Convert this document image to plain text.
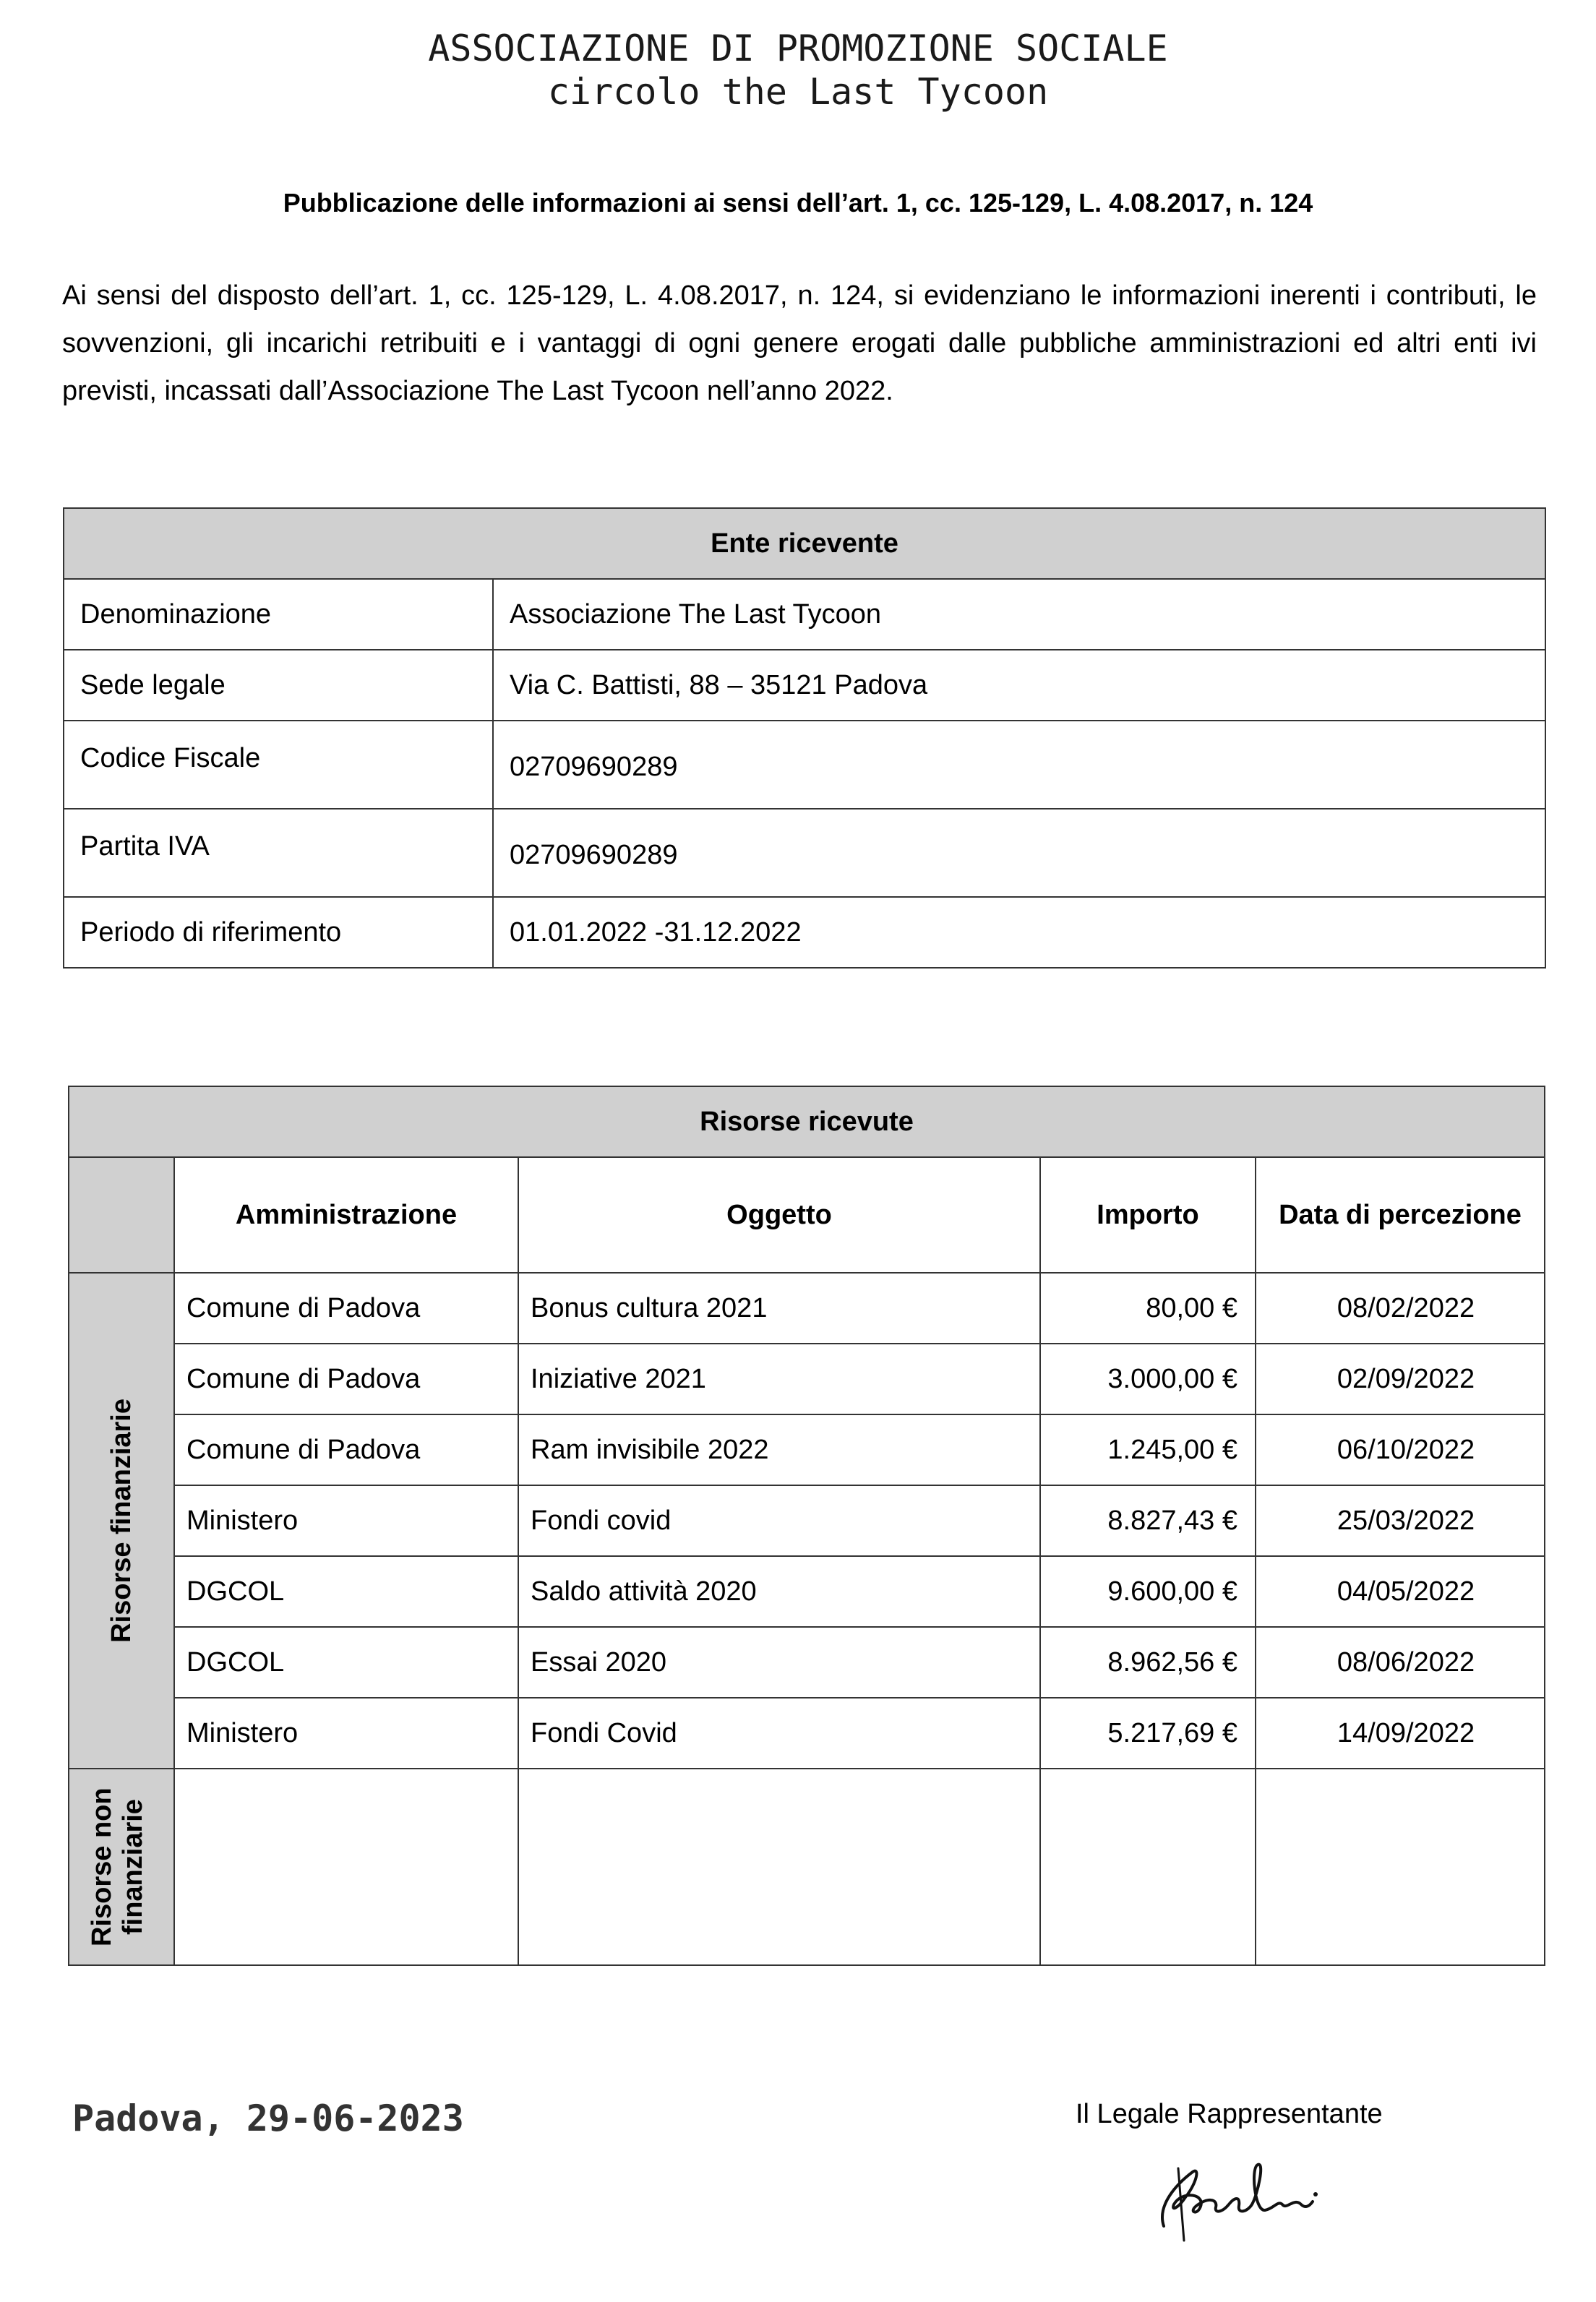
ASSOCIAZIONE DI PROMOZIONE SOCIALE
circolo the Last Tycoon
Pubblicazione delle informazioni ai sensi dell’art. 1, cc. 125-129, L. 4.08.2017, n. 124
Ai sensi del disposto dell’art. 1, cc. 125-129, L. 4.08.2017, n. 124, si evidenziano le informazioni inerenti i contributi, le sovvenzioni, gli incarichi retribuiti e i vantaggi di ogni genere erogati dalle pubbliche amministrazioni ed altri enti ivi previsti, incassati dall’Associazione The Last Tycoon nell’anno 2022.
Ente ricevente	
Denominazione	Associazione The Last Tycoon
Sede legale	Via C. Battisti, 88 – 35121 Padova
Codice Fiscale	02709690289
Partita IVA	02709690289
Periodo di riferimento	01.01.2022 -31.12.2022
Risorse ricevute				
	Amministrazione	Oggetto	Importo	Data di percezione

Risorse finanziarie	Comune di Padova	Bonus cultura 2021	80,00 €	08/02/2022
	Comune di Padova	Iniziative 2021	3.000,00 €	02/09/2022
	Comune di Padova	Ram invisibile 2022	1.245,00 €	06/10/2022
	Ministero	Fondi covid	8.827,43 €	25/03/2022
	DGCOL	Saldo attività 2020	9.600,00 €	04/05/2022
	DGCOL	Essai 2020	8.962,56 €	08/06/2022
	Ministero	Fondi Covid	5.217,69 €	14/09/2022

Risorse non finanziarie				

Padova, 29-06-2023	Il Legale Rappresentante
